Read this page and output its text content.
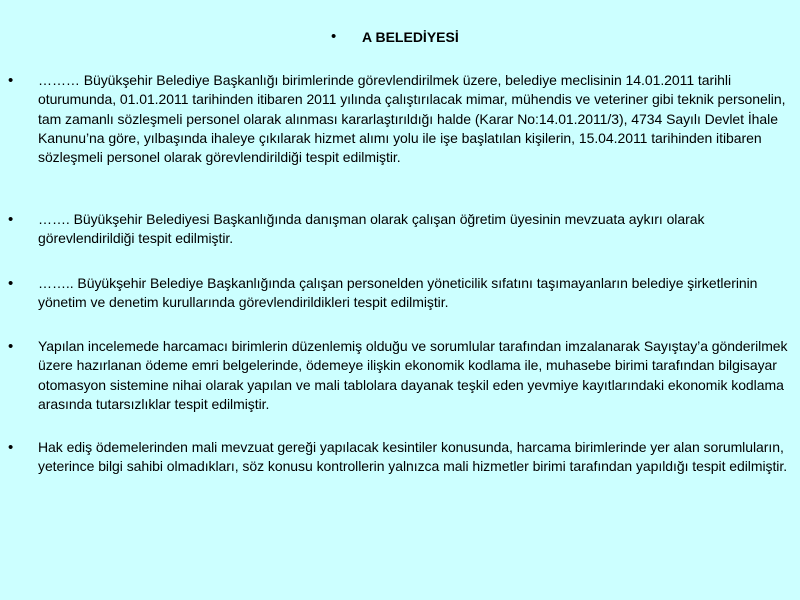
• A BELEDİYESİ
• ……… Büyükşehir Belediye Başkanlığı birimlerinde görevlendirilmek üzere, belediye meclisinin 14.01.2011 tarihli oturumunda, 01.01.2011 tarihinden itibaren 2011 yılında çalıştırılacak mimar, mühendis ve veteriner gibi teknik personelin, tam zamanlı sözleşmeli personel olarak alınması kararlaştırıldığı halde (Karar No:14.01.2011/3), 4734 Sayılı Devlet İhale Kanunu’na göre, yılbaşında ihaleye çıkılarak hizmet alımı yolu ile işe başlatılan kişilerin, 15.04.2011 tarihinden itibaren sözleşmeli personel olarak görevlendirildiği tespit edilmiştir.
• ……. Büyükşehir Belediyesi Başkanlığında danışman olarak çalışan öğretim üyesinin mevzuata aykırı olarak görevlendirildiği tespit edilmiştir.
• …….. Büyükşehir Belediye Başkanlığında çalışan personelden yöneticilik sıfatını taşımayanların belediye şirketlerinin yönetim ve denetim kurullarında görevlendirildikleri tespit edilmiştir.
• Yapılan incelemede harcamacı birimlerin düzenlemiş olduğu ve sorumlular tarafından imzalanarak Sayıştay’a gönderilmek üzere hazırlanan ödeme emri belgelerinde, ödemeye ilişkin ekonomik kodlama ile, muhasebe birimi tarafından bilgisayar otomasyon sistemine nihai olarak yapılan ve mali tablolara dayanak teşkil eden yevmiye kayıtlarındaki ekonomik kodlama arasında tutarsızlıklar tespit edilmiştir.
• Hak ediş ödemelerinden mali mevzuat gereği yapılacak kesintiler konusunda, harcama birimlerinde yer alan sorumluların, yeterince bilgi sahibi olmadıkları, söz konusu kontrollerin yalnızca mali hizmetler birimi tarafından yapıldığı tespit edilmiştir.
